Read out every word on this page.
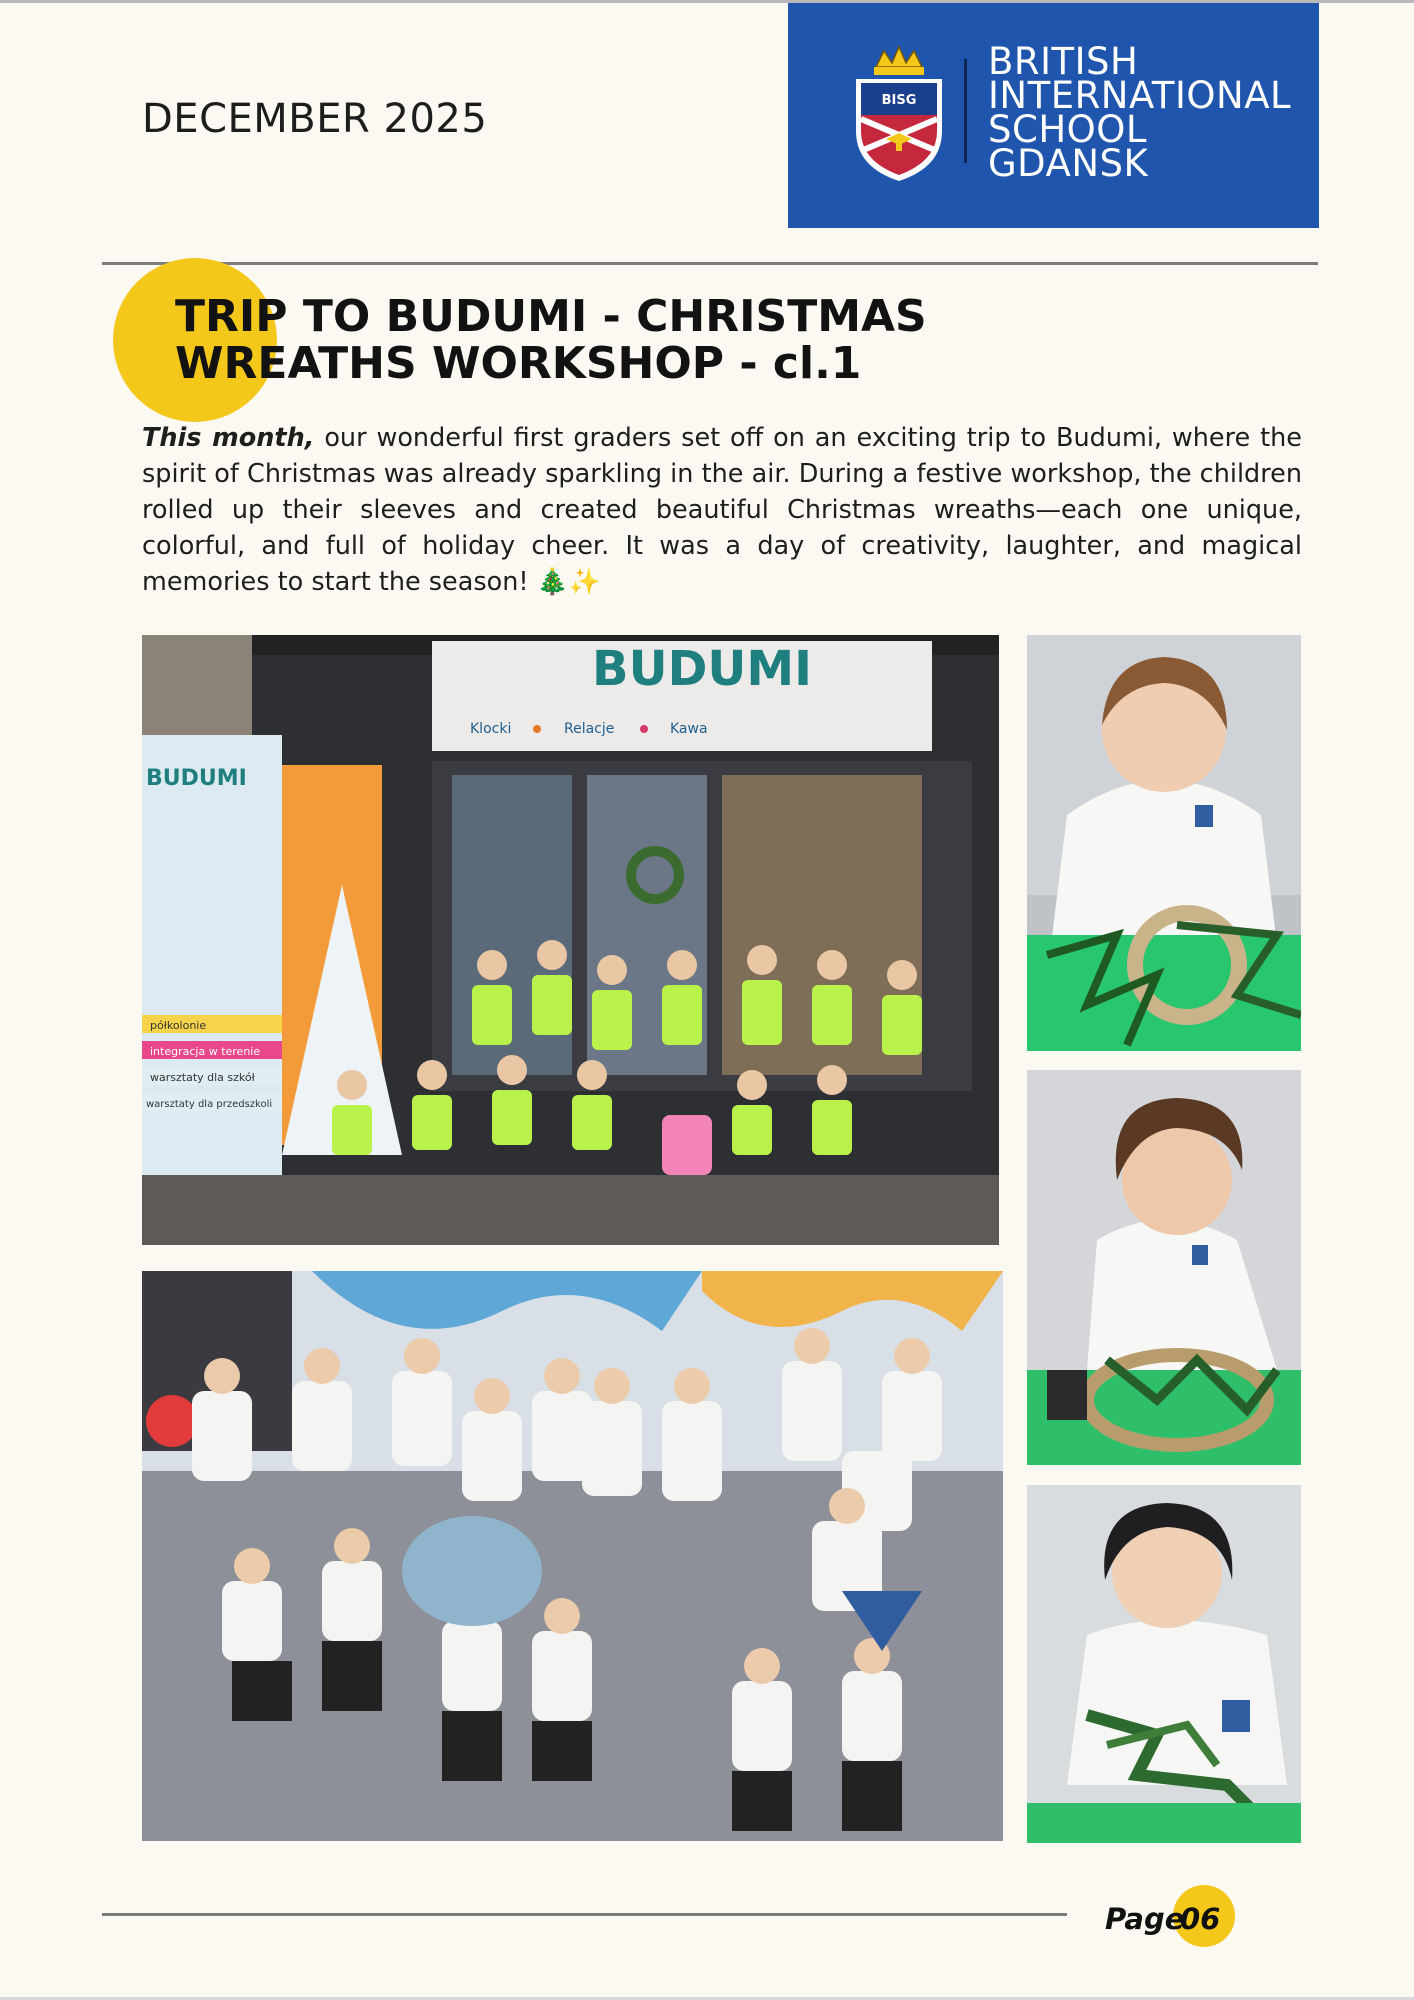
DECEMBER 2025	BISG
BRITISH
INTERNATIONAL
SCHOOL
GDANSK
TRIP TO BUDUMI - CHRISTMAS
WREATHS WORKSHOP - cl.1
This month, our wonderful first graders set off on an exciting trip to Budumi, where the spirit of Christmas was already sparkling in the air. During a festive workshop, the children rolled up their sleeves and created beautiful Christmas wreaths—each one unique, colorful, and full of holiday cheer. It was a day of creativity, laughter, and magical memories to start the season! 🎄✨
BUDUMI
Klocki	Relacje	Kawa
BUDUMI
półkolonie
integracja w terenie
warsztaty dla szkół
warsztaty dla przedszkoli
Page
06
